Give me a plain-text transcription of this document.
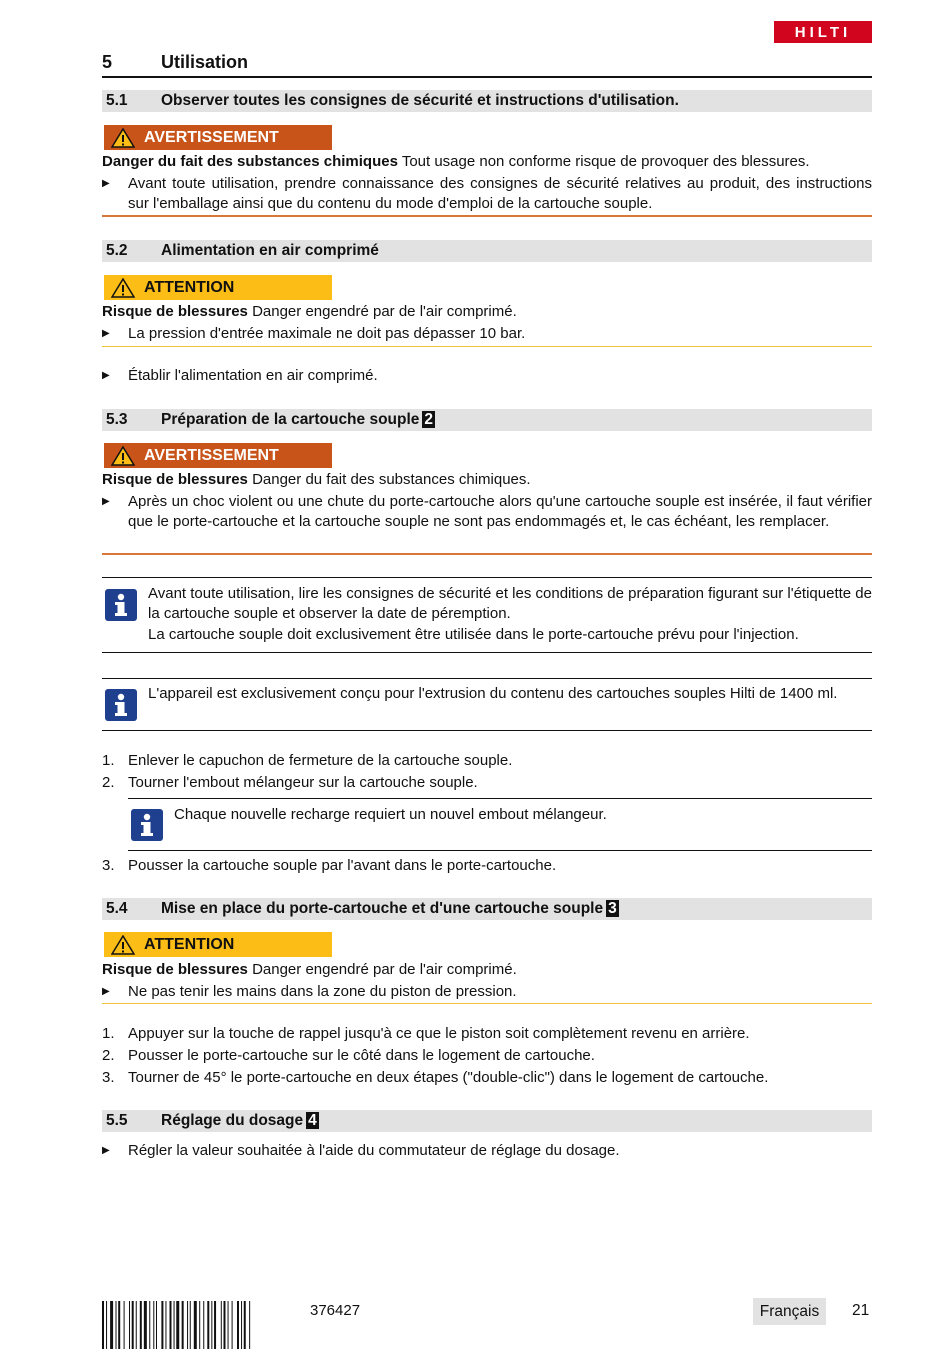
HILTI
5	Utilisation
5.1 Observer toutes les consignes de sécurité et instructions d'utilisation.
AVERTISSEMENT
Danger du fait des substances chimiques Tout usage non conforme risque de provoquer des blessures.
▶ Avant toute utilisation, prendre connaissance des consignes de sécurité relatives au produit, des instructions sur l'emballage ainsi que du contenu du mode d'emploi de la cartouche souple.
5.2 Alimentation en air comprimé
ATTENTION
Risque de blessures Danger engendré par de l'air comprimé.
▶ La pression d'entrée maximale ne doit pas dépasser 10 bar.
▶ Établir l'alimentation en air comprimé.
5.3 Préparation de la cartouche souple 2
AVERTISSEMENT
Risque de blessures Danger du fait des substances chimiques.
▶ Après un choc violent ou une chute du porte-cartouche alors qu'une cartouche souple est insérée, il faut vérifier que le porte-cartouche et la cartouche souple ne sont pas endommagés et, le cas échéant, les remplacer.
Avant toute utilisation, lire les consignes de sécurité et les conditions de préparation figurant sur l'étiquette de la cartouche souple et observer la date de péremption.
La cartouche souple doit exclusivement être utilisée dans le porte-cartouche prévu pour l'injection.
L'appareil est exclusivement conçu pour l'extrusion du contenu des cartouches souples Hilti de 1400 ml.
1. Enlever le capuchon de fermeture de la cartouche souple.
2. Tourner l'embout mélangeur sur la cartouche souple.
Chaque nouvelle recharge requiert un nouvel embout mélangeur.
3. Pousser la cartouche souple par l'avant dans le porte-cartouche.
5.4 Mise en place du porte-cartouche et d'une cartouche souple 3
ATTENTION
Risque de blessures Danger engendré par de l'air comprimé.
▶ Ne pas tenir les mains dans la zone du piston de pression.
1. Appuyer sur la touche de rappel jusqu'à ce que le piston soit complètement revenu en arrière.
2. Pousser le porte-cartouche sur le côté dans le logement de cartouche.
3. Tourner de 45° le porte-cartouche en deux étapes ("double-clic") dans le logement de cartouche.
5.5 Réglage du dosage 4
▶ Régler la valeur souhaitée à l'aide du commutateur de réglage du dosage.
376427	Français	21
